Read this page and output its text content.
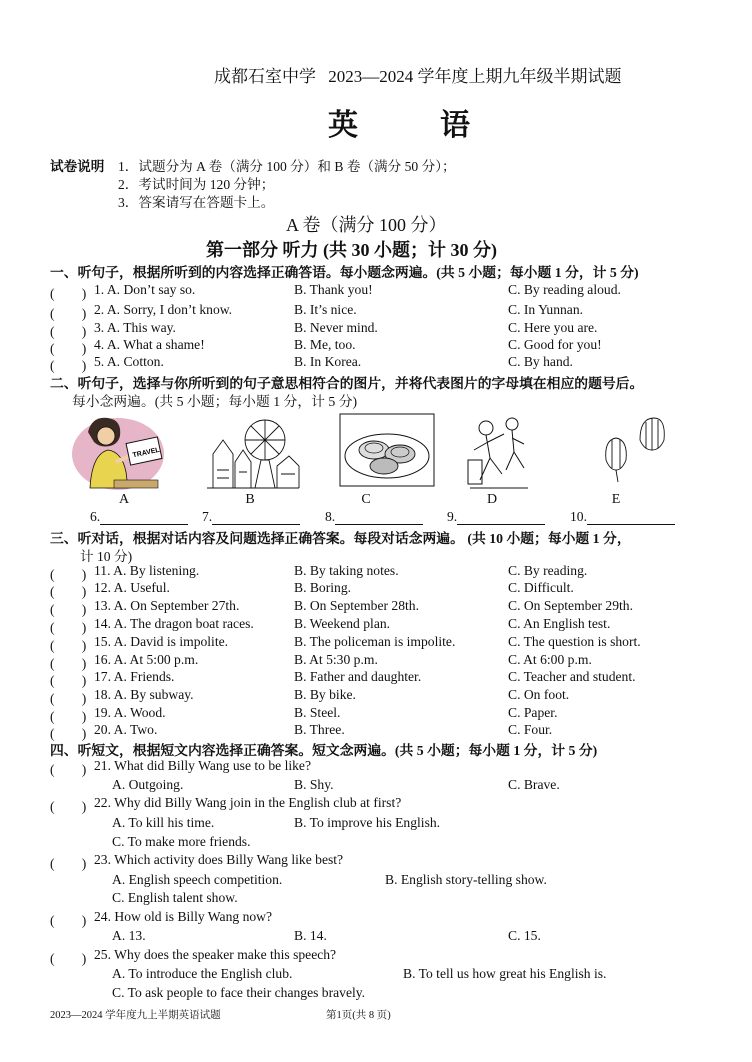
成都石室中学 2023—2024 学年度上期九年级半期试题
英　语
试卷说明 1．试题分为 A 卷（满分 100 分）和 B 卷（满分 50 分）；
2．考试时间为 120 分钟；
3．答案请写在答题卡上。
A 卷（满分 100 分）
第一部分 听力 (共 30 小题；计 30 分)
一、听句子，根据所听到的内容选择正确答语。每小题念两遍。(共 5 小题；每小题 1 分，计 5 分)
(　　) 1. A. Don’t say so.	B. Thank you!	C. By reading aloud.
(　　) 2. A. Sorry, I don’t know.	B. It’s nice.	C. In Yunnan.
(　　) 3. A. This way.	B. Never mind.	C. Here you are.
(　　) 4. A. What a shame!	B. Me, too.	C. Good for you!
(　　) 5. A. Cotton.	B. In Korea.	C. By hand.
二、听句子，选择与你所听到的句子意思相符合的图片，并将代表图片的字母填在相应的题号后。
每小念两遍。(共 5 小题；每小题 1 分，计 5 分)
TRAVEL
A	B	C	D	E
6.	7.	8.	9.	10.
三、听对话，根据对话内容及问题选择正确答案。每段对话念两遍。 (共 10 小题；每小题 1 分，
计 10 分)
(　　) 11. A. By listening.	B. By taking notes.	C. By reading.
(　　) 12. A. Useful.	B. Boring.	C. Difficult.
(　　) 13. A. On September 27th.	B. On September 28th.	C. On September 29th.
(　　) 14. A. The dragon boat races.	B. Weekend plan.	C. An English test.
(　　) 15. A. David is impolite.	B. The policeman is impolite.	C. The question is short.
(　　) 16. A. At 5:00 p.m.	B. At 5:30 p.m.	C. At 6:00 p.m.
(　　) 17. A. Friends.	B. Father and daughter.	C. Teacher and student.
(　　) 18. A. By subway.	B. By bike.	C. On foot.
(　　) 19. A. Wood.	B. Steel.	C. Paper.
(　　) 20. A. Two.	B. Three.	C. Four.
四、听短文，根据短文内容选择正确答案。短文念两遍。(共 5 小题；每小题 1 分，计 5 分)
(　　) 21. What did Billy Wang use to be like?
A. Outgoing.	B. Shy.	C. Brave.
(　　) 22. Why did Billy Wang join in the English club at first?
A. To kill his time.	B. To improve his English.
C. To make more friends.
(　　) 23. Which activity does Billy Wang like best?
A. English speech competition.	B. English story-telling show.
C. English talent show.
(　　) 24. How old is Billy Wang now?
A. 13.	B. 14.	C. 15.
(　　) 25. Why does the speaker make this speech?
A. To introduce the English club.	B. To tell us how great his English is.
C. To ask people to face their changes bravely.
2023—2024 学年度九上半期英语试题	第1页(共 8 页)
